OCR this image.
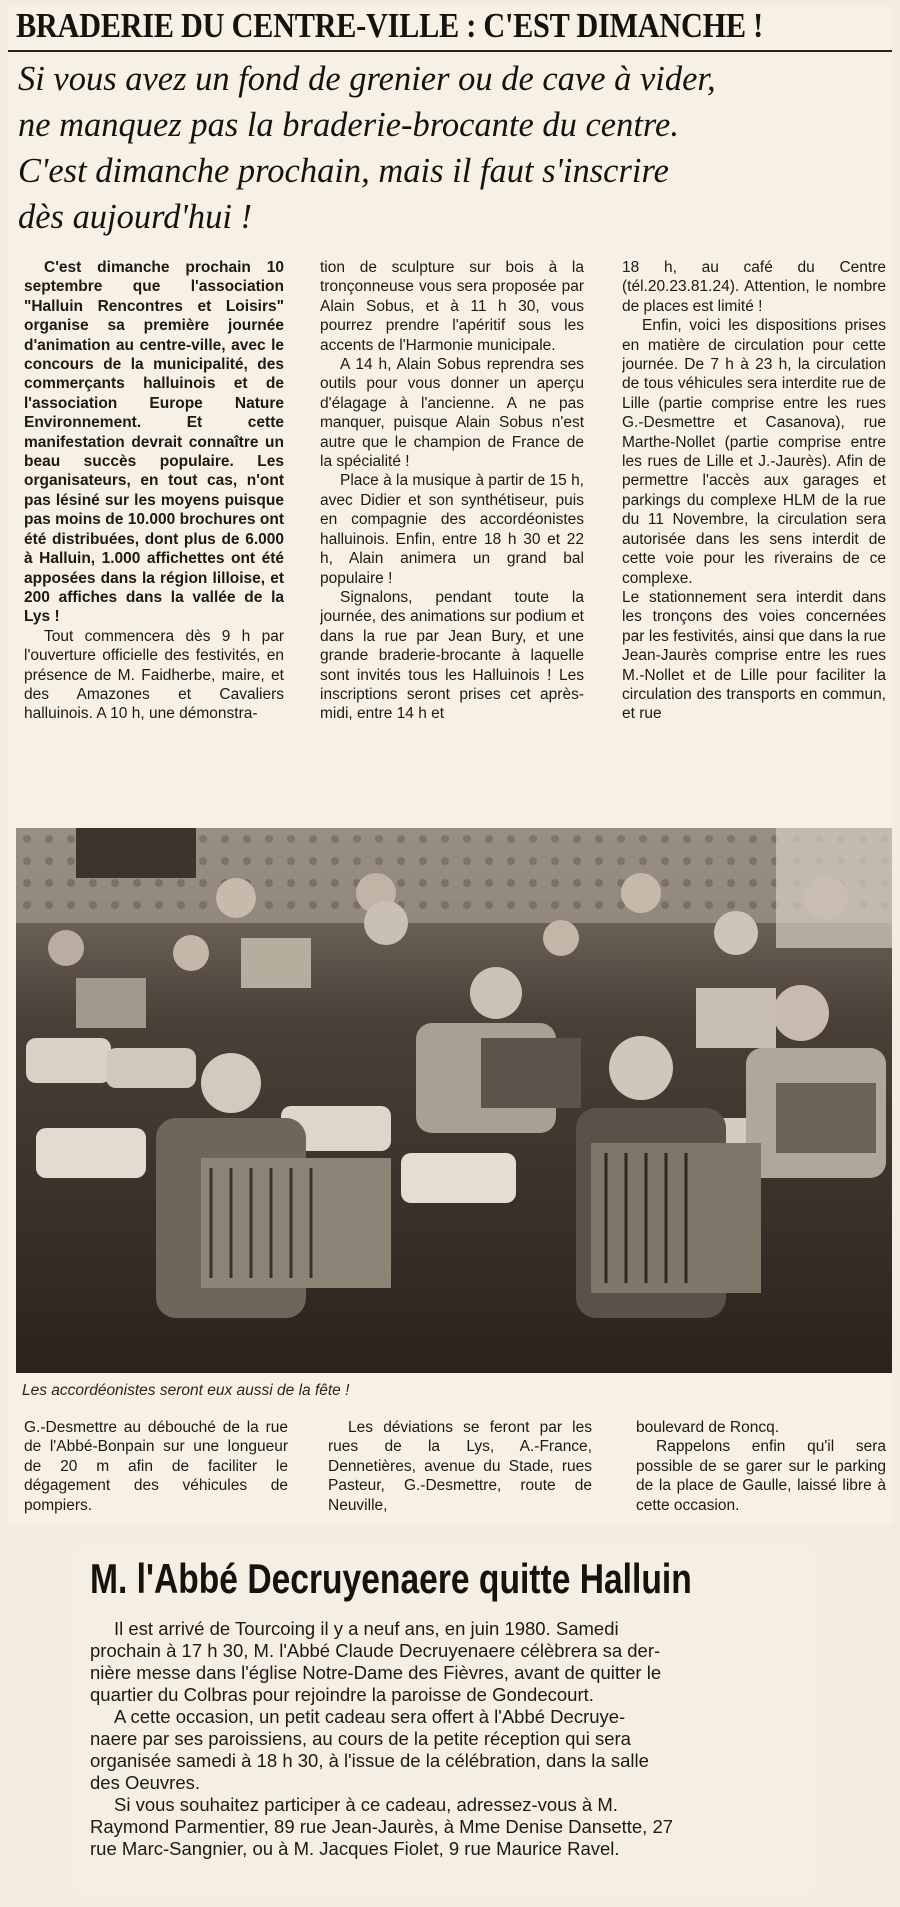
BRADERIE DU CENTRE-VILLE : C'EST DIMANCHE !
Si vous avez un fond de grenier ou de cave à vider,
ne manquez pas la braderie-brocante du centre.
C'est dimanche prochain, mais il faut s'inscrire
dès aujourd'hui !

C'est dimanche prochain 10 septembre que l'association "Halluin Rencontres et Loisirs" organise sa première journée d'animation au centre-ville, avec le concours de la municipalité, des commerçants halluinois et de l'association Europe Nature Environnement. Et cette manifestation devrait connaître un beau succès populaire. Les organisateurs, en tout cas, n'ont pas lésiné sur les moyens puisque pas moins de 10.000 brochures ont été distribuées, dont plus de 6.000 à Halluin, 1.000 affichettes ont été apposées dans la région lilloise, et 200 affiches dans la vallée de la Lys !

Tout commencera dès 9 h par l'ouverture officielle des festivités, en présence de M. Faidherbe, maire, et des Amazones et Cavaliers halluinois. A 10 h, une démonstra-

tion de sculpture sur bois à la tronçonneuse vous sera proposée par Alain Sobus, et à 11 h 30, vous pourrez prendre l'apéritif sous les accents de l'Harmonie municipale.

A 14 h, Alain Sobus reprendra ses outils pour vous donner un aperçu d'élagage à l'ancienne. A ne pas manquer, puisque Alain Sobus n'est autre que le champion de France de la spécialité !

Place à la musique à partir de 15 h, avec Didier et son synthétiseur, puis en compagnie des accordéonistes halluinois. Enfin, entre 18 h 30 et 22 h, Alain animera un grand bal populaire !

Signalons, pendant toute la journée, des animations sur podium et dans la rue par Jean Bury, et une grande braderie-brocante à laquelle sont invités tous les Halluinois ! Les inscriptions seront prises cet après-midi, entre 14 h et

18 h, au café du Centre (tél.20.23.81.24). Attention, le nombre de places est limité !

Enfin, voici les dispositions prises en matière de circulation pour cette journée. De 7 h à 23 h, la circulation de tous véhicules sera interdite rue de Lille (partie comprise entre les rues G.-Desmettre et Casanova), rue Marthe-Nollet (partie comprise entre les rues de Lille et J.-Jaurès). Afin de permettre l'accès aux garages et parkings du complexe HLM de la rue du 11 Novembre, la circulation sera autorisée dans les sens interdit de cette voie pour les riverains de ce complexe.

Le stationnement sera interdit dans les tronçons des voies concernées par les festivités, ainsi que dans la rue Jean-Jaurès comprise entre les rues M.-Nollet et de Lille pour faciliter la circulation des transports en commun, et rue

Les accordéonistes seront eux aussi de la fête !

G.-Desmettre au débouché de la rue de l'Abbé-Bonpain sur une longueur de 20 m afin de faciliter le dégagement des véhicules de pompiers.

Les déviations se feront par les rues de la Lys, A.-France, Dennetières, avenue du Stade, rues Pasteur, G.-Desmettre, route de Neuville,

boulevard de Roncq.

Rappelons enfin qu'il sera possible de se garer sur le parking de la place de Gaulle, laissé libre à cette occasion.

M. l'Abbé Decruyenaere quitte Halluin
Il est arrivé de Tourcoing il y a neuf ans, en juin 1980. Samedi
prochain à 17 h 30, M. l'Abbé Claude Decruyenaere célèbrera sa der-
nière messe dans l'église Notre-Dame des Fièvres, avant de quitter le
quartier du Colbras pour rejoindre la paroisse de Gondecourt.
A cette occasion, un petit cadeau sera offert à l'Abbé Decruye-
naere par ses paroissiens, au cours de la petite réception qui sera
organisée samedi à 18 h 30, à l'issue de la célébration, dans la salle
des Oeuvres.
Si vous souhaitez participer à ce cadeau, adressez-vous à M.
Raymond Parmentier, 89 rue Jean-Jaurès, à Mme Denise Dansette, 27
rue Marc-Sangnier, ou à M. Jacques Fiolet, 9 rue Maurice Ravel.
